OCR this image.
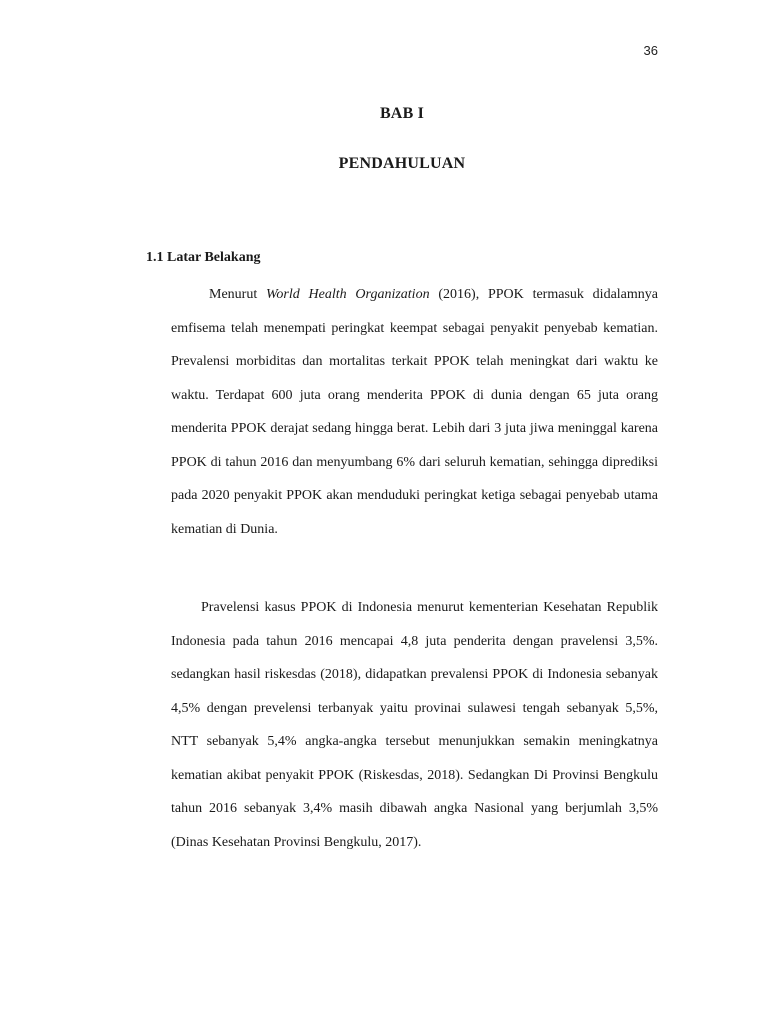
36
BAB I
PENDAHULUAN
1.1 Latar Belakang

Menurut World Health Organization (2016), PPOK termasuk didalamnya emfisema telah menempati peringkat keempat sebagai penyakit penyebab kematian. Prevalensi morbiditas dan mortalitas terkait PPOK telah meningkat dari waktu ke waktu. Terdapat 600 juta orang menderita PPOK di dunia dengan 65 juta orang menderita PPOK derajat sedang hingga berat. Lebih dari 3 juta jiwa meninggal karena PPOK di tahun 2016 dan menyumbang 6% dari seluruh kematian, sehingga diprediksi pada 2020 penyakit PPOK akan menduduki peringkat ketiga sebagai penyebab utama kematian di Dunia.

Pravelensi kasus PPOK di Indonesia menurut kementerian Kesehatan Republik Indonesia pada tahun 2016 mencapai 4,8 juta penderita dengan pravelensi 3,5%. sedangkan hasil riskesdas (2018), didapatkan prevalensi PPOK di Indonesia sebanyak 4,5% dengan prevelensi terbanyak yaitu provinai sulawesi tengah sebanyak 5,5%, NTT sebanyak 5,4% angka-angka tersebut menunjukkan semakin meningkatnya kematian akibat penyakit PPOK (Riskesdas, 2018). Sedangkan Di Provinsi Bengkulu tahun 2016 sebanyak 3,4% masih dibawah angka Nasional yang berjumlah 3,5% (Dinas Kesehatan Provinsi Bengkulu, 2017).
